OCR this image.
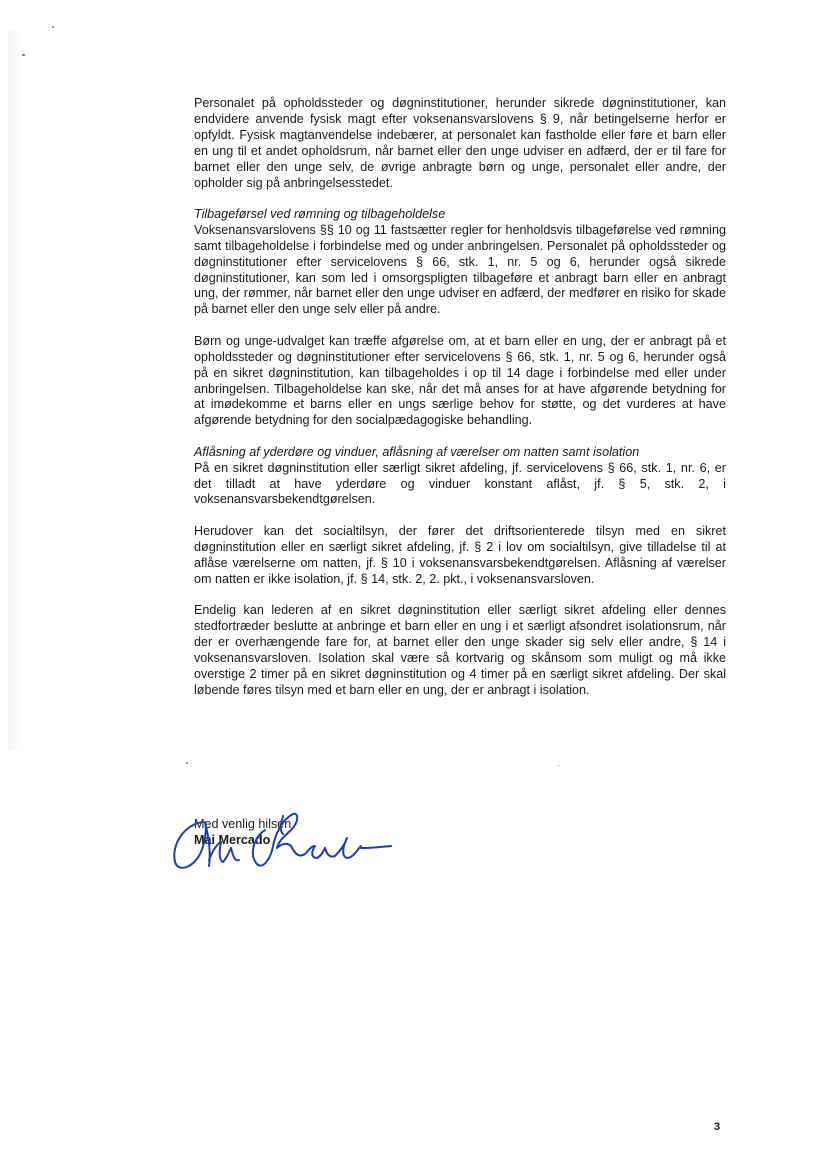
Personalet på opholdssteder og døgninstitutioner, herunder sikrede døgninstitutioner, kan endvidere anvende fysisk magt efter voksenansvarslovens § 9, når betingelserne herfor er opfyldt. Fysisk magtanvendelse indebærer, at personalet kan fastholde eller føre et barn eller en ung til et andet opholdsrum, når barnet eller den unge udviser en adfærd, der er til fare for barnet eller den unge selv, de øvrige anbragte børn og unge, personalet eller andre, der opholder sig på anbringelsesstedet.

Tilbageførsel ved rømning og tilbageholdelse
Voksenansvarslovens §§ 10 og 11 fastsætter regler for henholdsvis tilbageførelse ved rømning samt tilbageholdelse i forbindelse med og under anbringelsen. Personalet på opholdssteder og døgninstitutioner efter servicelovens § 66, stk. 1, nr. 5 og 6, herunder også sikrede døgninstitutioner, kan som led i omsorgspligten tilbageføre et anbragt barn eller en anbragt ung, der rømmer, når barnet eller den unge udviser en adfærd, der medfører en risiko for skade på barnet eller den unge selv eller på andre.

Børn og unge-udvalget kan træffe afgørelse om, at et barn eller en ung, der er anbragt på et opholdssteder og døgninstitutioner efter servicelovens § 66, stk. 1, nr. 5 og 6, herunder også på en sikret døgninstitution, kan tilbageholdes i op til 14 dage i forbindelse med eller under anbringelsen. Tilbageholdelse kan ske, når det må anses for at have afgørende betydning for at imødekomme et barns eller en ungs særlige behov for støtte, og det vurderes at have afgørende betydning for den socialpædagogiske behandling.

Aflåsning af yderdøre og vinduer, aflåsning af værelser om natten samt isolation
På en sikret døgninstitution eller særligt sikret afdeling, jf. servicelovens § 66, stk. 1, nr. 6, er det tilladt at have yderdøre og vinduer konstant aflåst, jf. § 5, stk. 2, i voksenansvarsbekendtgørelsen.

Herudover kan det socialtilsyn, der fører det driftsorienterede tilsyn med en sikret døgninstitution eller en særligt sikret afdeling, jf. § 2 i lov om socialtilsyn, give tilladelse til at aflåse værelserne om natten, jf. § 10 i voksenansvarsbekendtgørelsen. Aflåsning af værelser om natten er ikke isolation, jf. § 14, stk. 2, 2. pkt., i voksenansvarsloven.

Endelig kan lederen af en sikret døgninstitution eller særligt sikret afdeling eller dennes stedfortræder beslutte at anbringe et barn eller en ung i et særligt afsondret isolationsrum, når der er overhængende fare for, at barnet eller den unge skader sig selv eller andre, § 14 i voksenansvarsloven. Isolation skal være så kortvarig og skånsom som muligt og må ikke overstige 2 timer på en sikret døgninstitution og 4 timer på en særligt sikret afdeling. Der skal løbende føres tilsyn med et barn eller en ung, der er anbragt i isolation.

Med venlig hilsen
Mai Mercado
3
